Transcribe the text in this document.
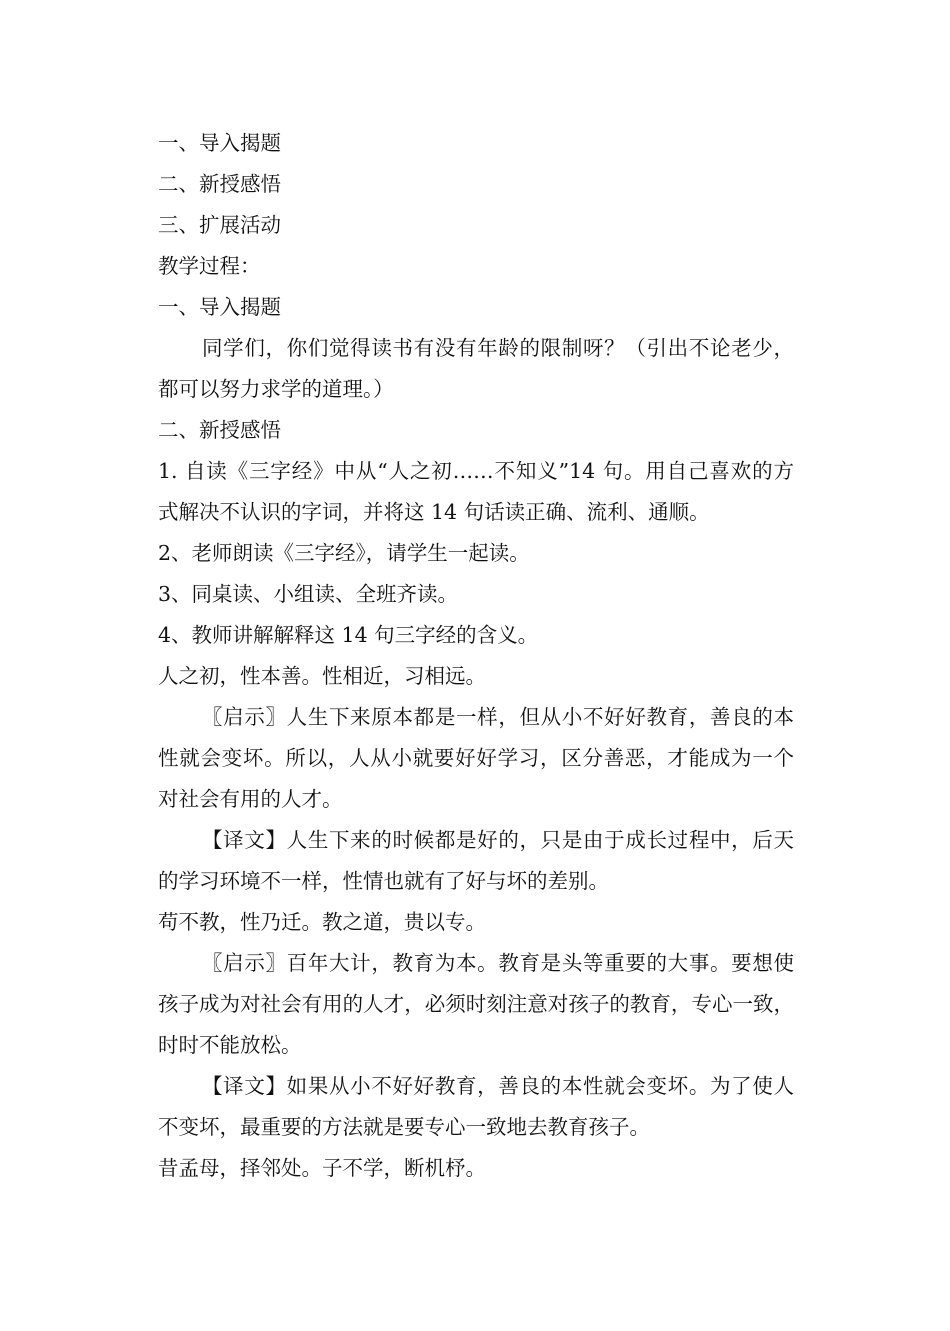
一、导入揭题
二、新授感悟
三、扩展活动
教学过程：
一、导入揭题
同学们，你们觉得读书有没有年龄的限制呀？（引出不论老少，
都可以努力求学的道理。）
二、新授感悟
1. 自读《三字经》中从“人之初……不知义”14 句。用自己喜欢的方
式解决不认识的字词，并将这 14 句话读正确、流利、通顺。
2、老师朗读《三字经》，请学生一起读。
3、同桌读、小组读、全班齐读。
4、教师讲解解释这 14 句三字经的含义。
人之初，性本善。性相近，习相远。
〖启示〗人生下来原本都是一样，但从小不好好教育，善良的本
性就会变坏。所以，人从小就要好好学习，区分善恶，才能成为一个
对社会有用的人才。
【译文】人生下来的时候都是好的，只是由于成长过程中，后天
的学习环境不一样，性情也就有了好与坏的差别。
苟不教，性乃迁。教之道，贵以专。
〖启示〗百年大计，教育为本。教育是头等重要的大事。要想使
孩子成为对社会有用的人才，必须时刻注意对孩子的教育，专心一致，
时时不能放松。
【译文】如果从小不好好教育，善良的本性就会变坏。为了使人
不变坏，最重要的方法就是要专心一致地去教育孩子。
昔孟母，择邻处。子不学，断机杼。
